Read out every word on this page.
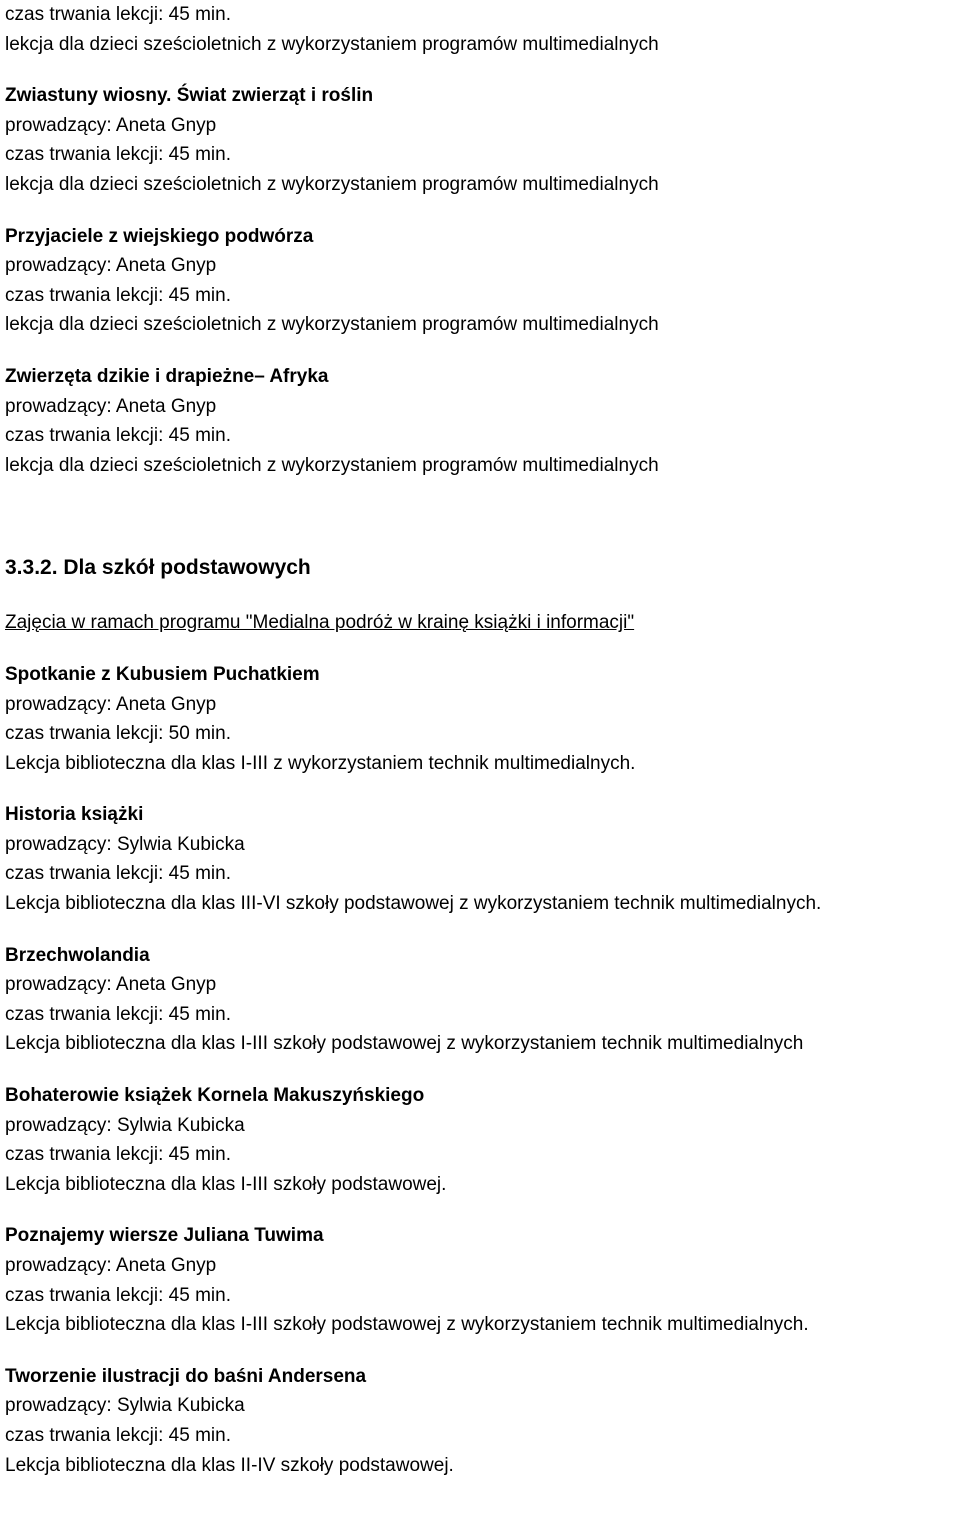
czas trwania lekcji: 45 min.
lekcja dla dzieci sześcioletnich z wykorzystaniem programów multimedialnych
Zwiastuny wiosny. Świat zwierząt i roślin
prowadzący: Aneta Gnyp
czas trwania lekcji: 45 min.
lekcja dla dzieci sześcioletnich z wykorzystaniem programów multimedialnych
Przyjaciele z wiejskiego podwórza
prowadzący: Aneta Gnyp
czas trwania lekcji: 45 min.
lekcja dla dzieci sześcioletnich z wykorzystaniem programów multimedialnych
Zwierzęta dzikie i drapieżne– Afryka
prowadzący: Aneta Gnyp
czas trwania lekcji: 45 min.
lekcja dla dzieci sześcioletnich z wykorzystaniem programów multimedialnych
3.3.2. Dla szkół podstawowych
Zajęcia w ramach programu "Medialna podróż w krainę książki i informacji"
Spotkanie z Kubusiem Puchatkiem
prowadzący: Aneta Gnyp
czas trwania lekcji: 50 min.
Lekcja biblioteczna dla klas I-III z wykorzystaniem technik multimedialnych.
Historia książki
prowadzący: Sylwia Kubicka
czas trwania lekcji: 45 min.
Lekcja biblioteczna dla klas III-VI szkoły podstawowej z wykorzystaniem technik multimedialnych.
Brzechwolandia
prowadzący: Aneta Gnyp
czas trwania lekcji: 45 min.
Lekcja biblioteczna dla klas I-III szkoły podstawowej z wykorzystaniem technik multimedialnych
Bohaterowie książek Kornela Makuszyńskiego
prowadzący: Sylwia Kubicka
czas trwania lekcji: 45 min.
Lekcja biblioteczna dla klas I-III szkoły podstawowej.
Poznajemy wiersze Juliana Tuwima
prowadzący: Aneta Gnyp
czas trwania lekcji: 45 min.
Lekcja biblioteczna dla klas I-III szkoły podstawowej z wykorzystaniem technik multimedialnych.
Tworzenie ilustracji do baśni Andersena
prowadzący: Sylwia Kubicka
czas trwania lekcji: 45 min.
Lekcja biblioteczna dla klas II-IV szkoły podstawowej.
